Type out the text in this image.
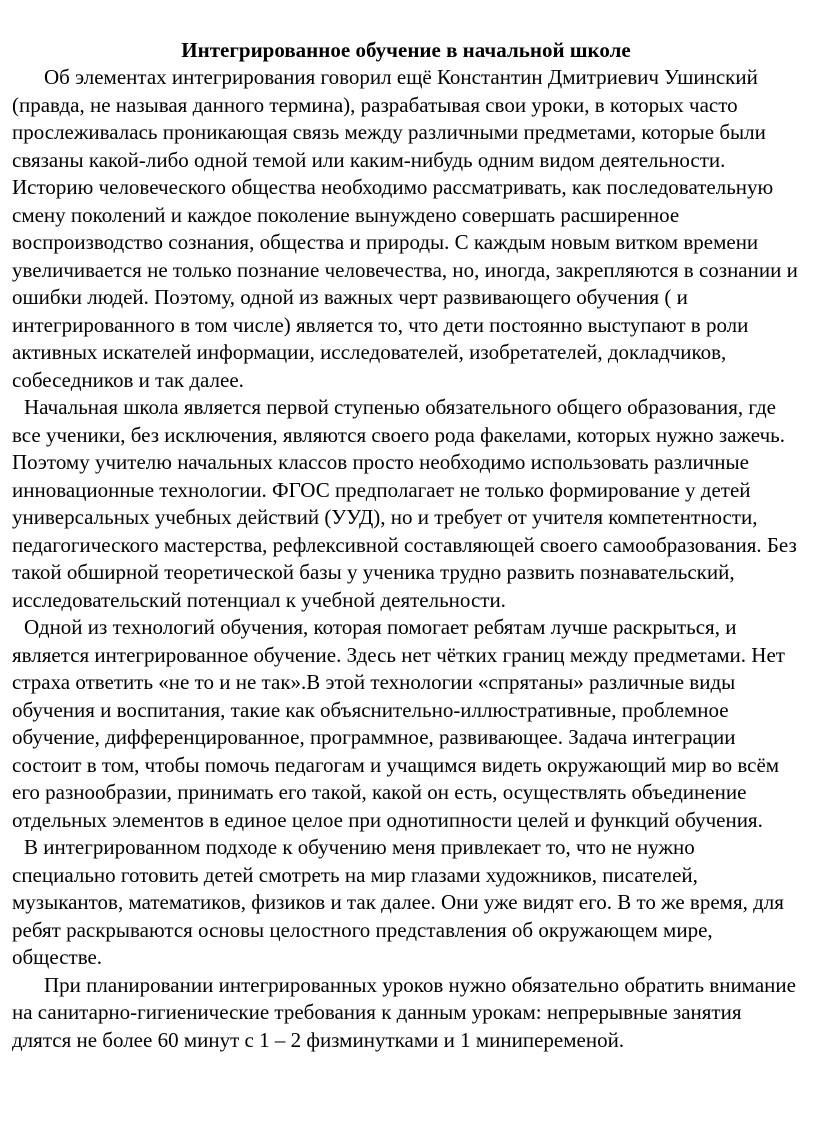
Интегрированное обучение в начальной школе

Об элементах интегрирования говорил ещё Константин Дмитриевич Ушинский (правда, не называя данного термина), разрабатывая свои уроки, в которых часто прослеживалась проникающая связь между различными предметами, которые были связаны какой-либо одной темой или каким-нибудь одним видом деятельности. Историю человеческого общества необходимо рассматривать, как последовательную смену поколений и каждое поколение вынуждено совершать расширенное воспроизводство сознания, общества и природы. С каждым новым витком времени увеличивается не только познание человечества, но, иногда, закрепляются в сознании и ошибки людей. Поэтому, одной из важных черт развивающего обучения ( и интегрированного в том числе) является то, что дети постоянно выступают в роли активных искателей информации, исследователей, изобретателей, докладчиков, собеседников и так далее.

Начальная школа является первой ступенью обязательного общего образования, где все ученики, без исключения, являются своего рода факелами, которых нужно зажечь. Поэтому учителю начальных классов просто необходимо использовать различные инновационные технологии. ФГОС предполагает не только формирование у детей универсальных учебных действий (УУД), но и требует от учителя компетентности, педагогического мастерства, рефлексивной составляющей своего самообразования. Без такой обширной теоретической базы у ученика трудно развить познавательский, исследовательский потенциал к учебной деятельности.

Одной из технологий обучения, которая помогает ребятам лучше раскрыться, и является интегрированное обучение. Здесь нет чётких границ между предметами. Нет страха ответить «не то и не так».В этой технологии «спрятаны» различные виды обучения и воспитания, такие как объяснительно-иллюстративные, проблемное обучение, дифференцированное, программное, развивающее. Задача интеграции состоит в том, чтобы помочь педагогам и учащимся видеть окружающий мир во всём его разнообразии, принимать его такой, какой он есть, осуществлять объединение отдельных элементов в единое целое при однотипности целей и функций обучения.

В интегрированном подходе к обучению меня привлекает то, что не нужно специально готовить детей смотреть на мир глазами художников, писателей, музыкантов, математиков, физиков и так далее. Они уже видят его. В то же время, для ребят раскрываются основы целостного представления об окружающем мире, обществе.

При планировании интегрированных уроков нужно обязательно обратить внимание на санитарно-гигиенические требования к данным урокам: непрерывные занятия длятся не более 60 минут с 1 – 2 физминутками и 1 минипеременой.
